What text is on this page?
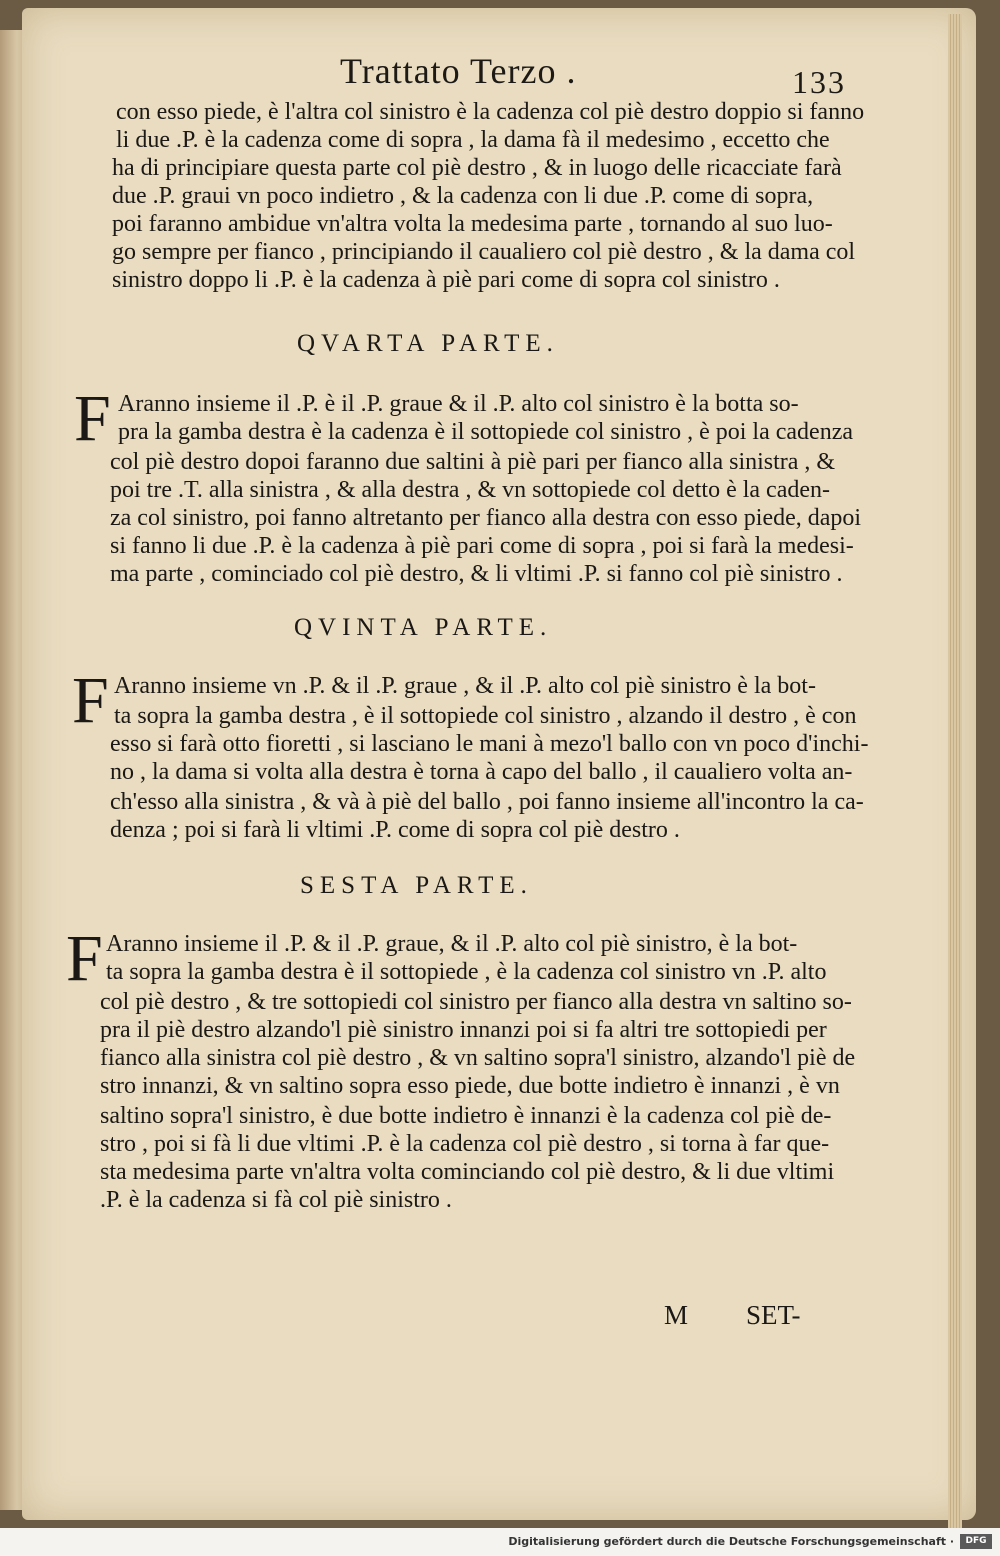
Trattato Terzo .	133
con esso piede, è l'altra col sinistro è la cadenza col piè destro doppio si fanno
li due .P. è la cadenza come di sopra , la dama fà il medesimo , eccetto che
ha di principiare questa parte col piè destro , & in luogo delle ricacciate farà
due .P. graui vn poco indietro , & la cadenza con li due .P. come di sopra,
poi faranno ambidue vn'altra volta la medesima parte , tornando al suo luo-
go sempre per fianco , principiando il caualiero col piè destro , & la dama col
sinistro doppo li .P. è la cadenza à piè pari come di sopra col sinistro .
QVARTA PARTE.
F Aranno insieme il .P. è il .P. graue & il .P. alto col sinistro è la botta so-
pra la gamba destra è la cadenza è il sottopiede col sinistro , è poi la cadenza
col piè destro dopoi faranno due saltini à piè pari per fianco alla sinistra , &
poi tre .T. alla sinistra , & alla destra , & vn sottopiede col detto è la caden-
za col sinistro, poi fanno altretanto per fianco alla destra con esso piede, dapoi
si fanno li due .P. è la cadenza à piè pari come di sopra , poi si farà la medesi-
ma parte , cominciado col piè destro, & li vltimi .P. si fanno col piè sinistro .
QVINTA PARTE.
F Aranno insieme vn .P. & il .P. graue , & il .P. alto col piè sinistro è la bot-
ta sopra la gamba destra , è il sottopiede col sinistro , alzando il destro , è con
esso si farà otto fioretti , si lasciano le mani à mezo'l ballo con vn poco d'inchi-
no , la dama si volta alla destra è torna à capo del ballo , il caualiero volta an-
ch'esso alla sinistra , & và à piè del ballo , poi fanno insieme all'incontro la ca-
denza ; poi si farà li vltimi .P. come di sopra col piè destro .
SESTA PARTE.
F Aranno insieme il .P. & il .P. graue, & il .P. alto col piè sinistro, è la bot-
ta sopra la gamba destra è il sottopiede , è la cadenza col sinistro vn .P. alto
col piè destro , & tre sottopiedi col sinistro per fianco alla destra vn saltino so-
pra il piè destro alzando'l piè sinistro innanzi poi si fa altri tre sottopiedi per
fianco alla sinistra col piè destro , & vn saltino sopra'l sinistro, alzando'l piè de
stro innanzi, & vn saltino sopra esso piede, due botte indietro è innanzi , è vn
saltino sopra'l sinistro, è due botte indietro è innanzi è la cadenza col piè de-
stro , poi si fà li due vltimi .P. è la cadenza col piè destro , si torna à far que-
sta medesima parte vn'altra volta cominciando col piè destro, & li due vltimi
.P. è la cadenza si fà col piè sinistro .
M SET-
Digitalisierung gefördert durch die Deutsche Forschungsgemeinschaft ·	DFG
